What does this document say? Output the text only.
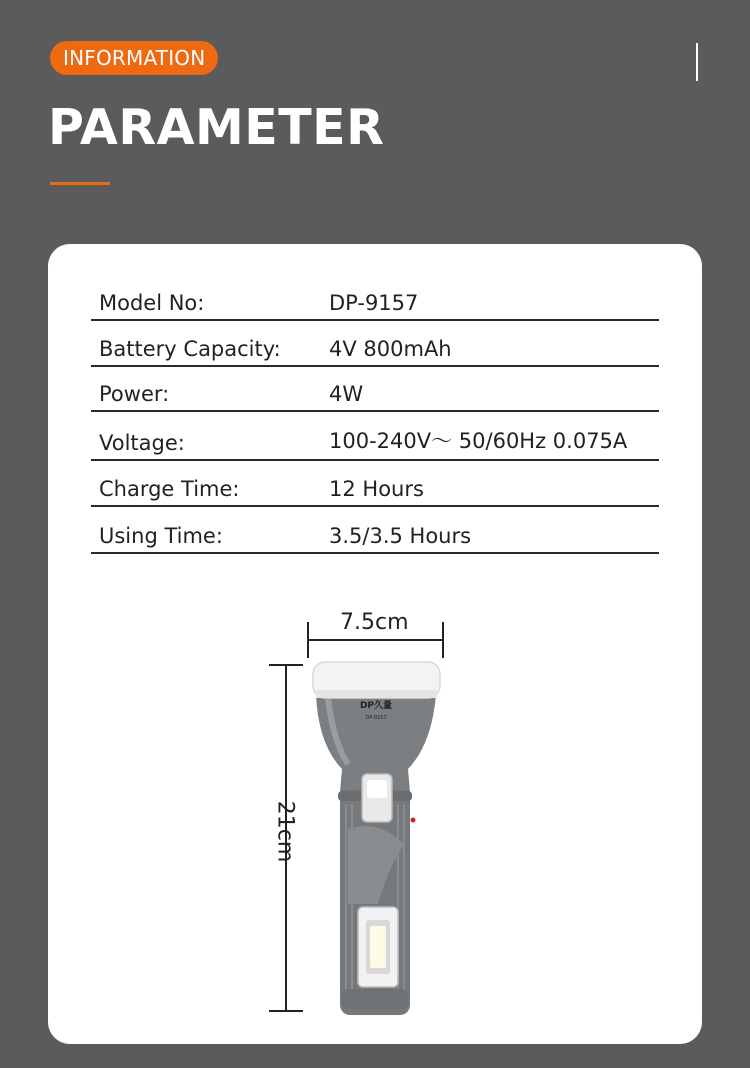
INFORMATION
PARAMETER
Model No:	DP-9157
Battery Capacity: 4V 800mAh
Power:	4W
Voltage:	100-240V～ 50/60Hz 0.075A
Charge Time:	12 Hours
Using Time:	3.5/3.5 Hours
DP久量
DP-9157
7.5cm
21cm
